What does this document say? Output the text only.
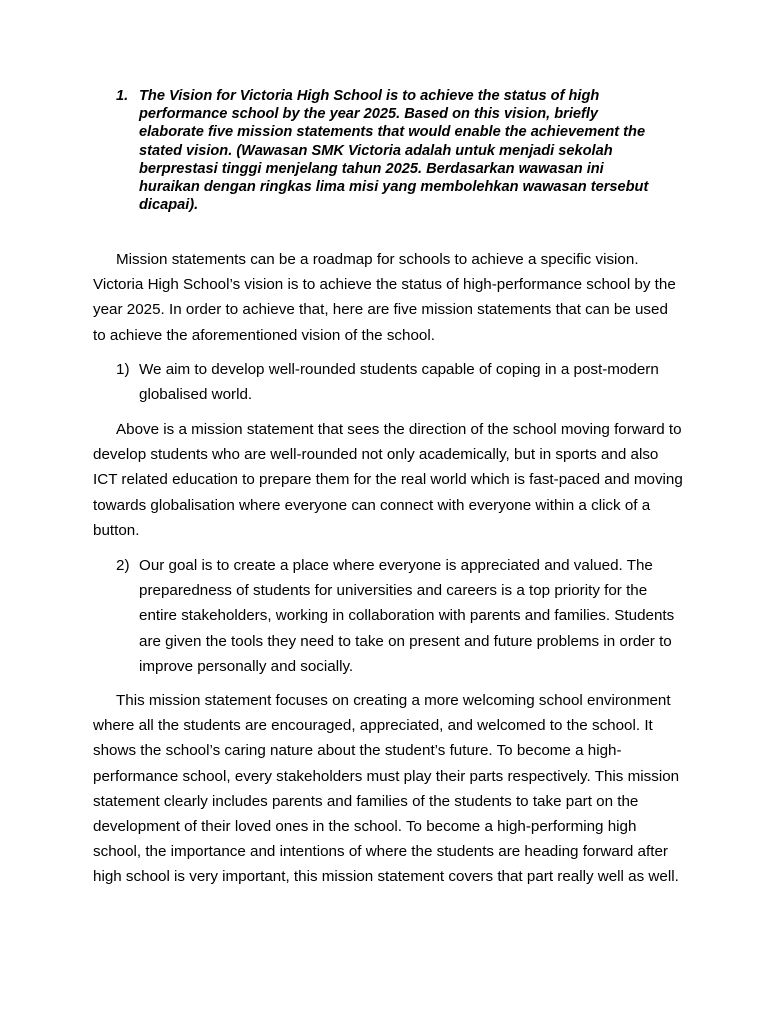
1. The Vision for Victoria High School is to achieve the status of high performance school by the year 2025. Based on this vision, briefly elaborate five mission statements that would enable the achievement the stated vision. (Wawasan SMK Victoria adalah untuk menjadi sekolah berprestasi tinggi menjelang tahun 2025. Berdasarkan wawasan ini huraikan dengan ringkas lima misi yang membolehkan wawasan tersebut dicapai).

Mission statements can be a roadmap for schools to achieve a specific vision. Victoria High School’s vision is to achieve the status of high-performance school by the year 2025. In order to achieve that, here are five mission statements that can be used to achieve the aforementioned vision of the school.

1) We aim to develop well-rounded students capable of coping in a post-modern globalised world.

Above is a mission statement that sees the direction of the school moving forward to develop students who are well-rounded not only academically, but in sports and also ICT related education to prepare them for the real world which is fast-paced and moving towards globalisation where everyone can connect with everyone within a click of a button.

2) Our goal is to create a place where everyone is appreciated and valued. The preparedness of students for universities and careers is a top priority for the entire stakeholders, working in collaboration with parents and families. Students are given the tools they need to take on present and future problems in order to improve personally and socially.

This mission statement focuses on creating a more welcoming school environment where all the students are encouraged, appreciated, and welcomed to the school. It shows the school’s caring nature about the student’s future. To become a high-performance school, every stakeholders must play their parts respectively. This mission statement clearly includes parents and families of the students to take part on the development of their loved ones in the school. To become a high-performing high school, the importance and intentions of where the students are heading forward after high school is very important, this mission statement covers that part really well as well.
